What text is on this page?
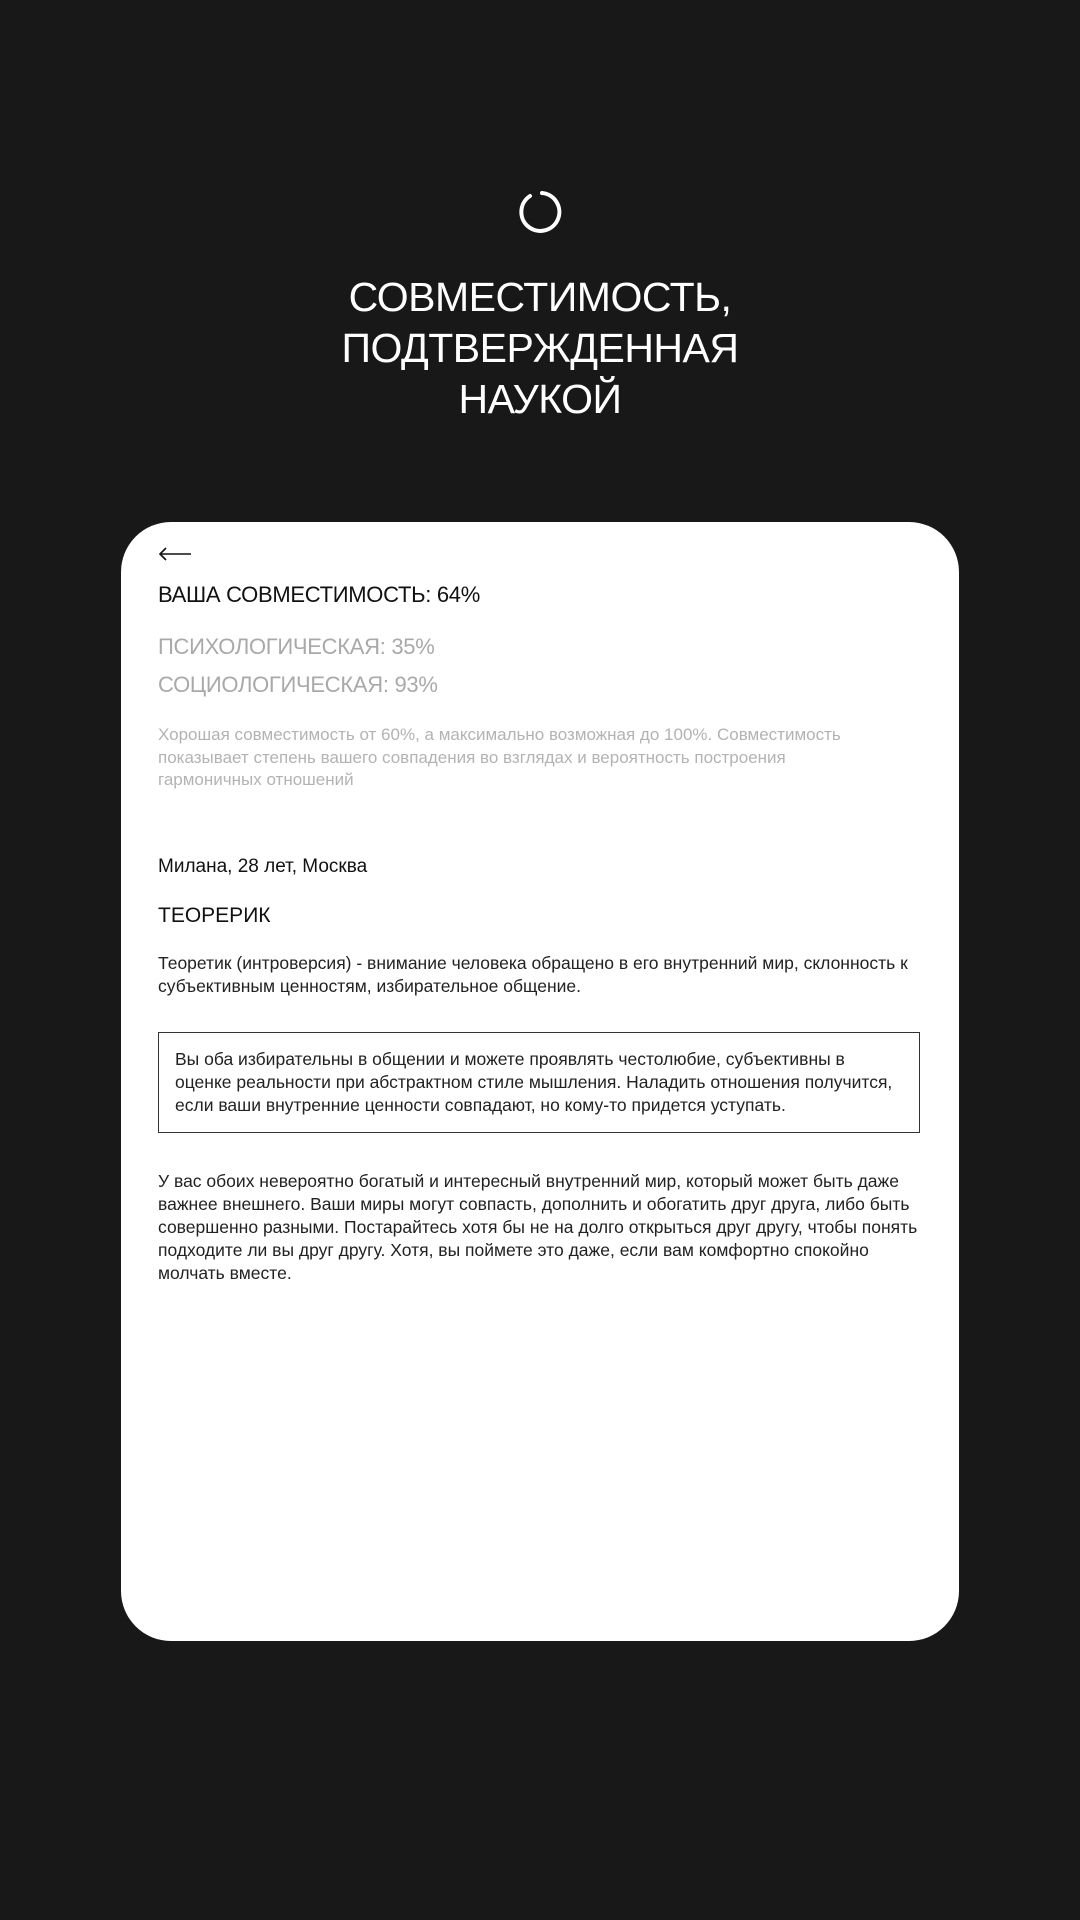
СОВМЕСТИМОСТЬ,
ПОДТВЕРЖДЕННАЯ
НАУКОЙ
ВАША СОВМЕСТИМОСТЬ: 64%
ПСИХОЛОГИЧЕСКАЯ: 35%
СОЦИОЛОГИЧЕСКАЯ: 93%
Хорошая совместимость от 60%, а максимально возможная до 100%. Совместимость показывает степень вашего совпадения во взглядах и вероятность построения гармоничных отношений
Милана, 28 лет, Москва
ТЕОРЕРИК
Теоретик (интроверсия) - внимание человека обращено в его внутренний мир, склонность к субъективным ценностям, избирательное общение.
Вы оба избирательны в общении и можете проявлять честолюбие, субъективны в оценке реальности при абстрактном стиле мышления. Наладить отношения получится, если ваши внутренние ценности совпадают, но кому-то придется уступать.
У вас обоих невероятно богатый и интересный внутренний мир, который может быть даже важнее внешнего. Ваши миры могут совпасть, дополнить и обогатить друг друга, либо быть совершенно разными. Постарайтесь хотя бы не на долго открыться друг другу, чтобы понять подходите ли вы друг другу. Хотя, вы поймете это даже, если вам комфортно спокойно молчать вместе.
